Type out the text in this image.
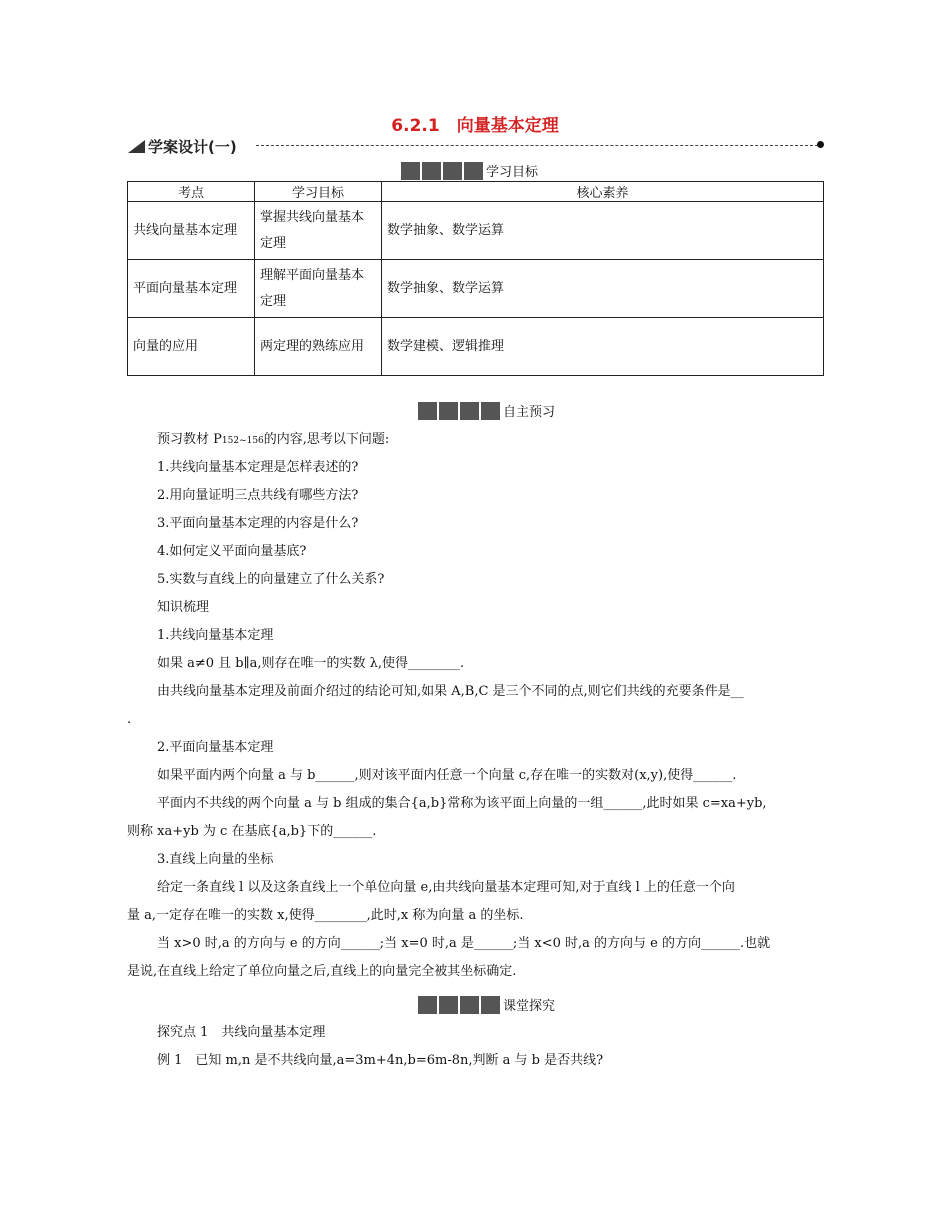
6.2.1　向量基本定理
学案设计(一)
学习目标
考点	学习目标	核心素养
共线向量基本定理	掌握共线向量基本定理	数学抽象、数学运算
平面向量基本定理	理解平面向量基本定理	数学抽象、数学运算
向量的应用	两定理的熟练应用	数学建模、逻辑推理
自主预习
预习教材 P152~156的内容,思考以下问题:
1.共线向量基本定理是怎样表述的?
2.用向量证明三点共线有哪些方法?
3.平面向量基本定理的内容是什么?
4.如何定义平面向量基底?
5.实数与直线上的向量建立了什么关系?
知识梳理
1.共线向量基本定理
如果 a≠0 且 b∥a,则存在唯一的实数 λ,使得________.
由共线向量基本定理及前面介绍过的结论可知,如果 A,B,C 是三个不同的点,则它们共线的充要条件是__
.
2.平面向量基本定理
如果平面内两个向量 a 与 b______,则对该平面内任意一个向量 c,存在唯一的实数对(x,y),使得______.
平面内不共线的两个向量 a 与 b 组成的集合{a,b}常称为该平面上向量的一组______,此时如果 c=xa+yb,
则称 xa+yb 为 c 在基底{a,b}下的______.
3.直线上向量的坐标
给定一条直线 l 以及这条直线上一个单位向量 e,由共线向量基本定理可知,对于直线 l 上的任意一个向
量 a,一定存在唯一的实数 x,使得________,此时,x 称为向量 a 的坐标.
当 x>0 时,a 的方向与 e 的方向______;当 x=0 时,a 是______;当 x<0 时,a 的方向与 e 的方向______.也就
是说,在直线上给定了单位向量之后,直线上的向量完全被其坐标确定.
课堂探究
探究点 1　共线向量基本定理
例 1　已知 m,n 是不共线向量,a=3m+4n,b=6m-8n,判断 a 与 b 是否共线?
